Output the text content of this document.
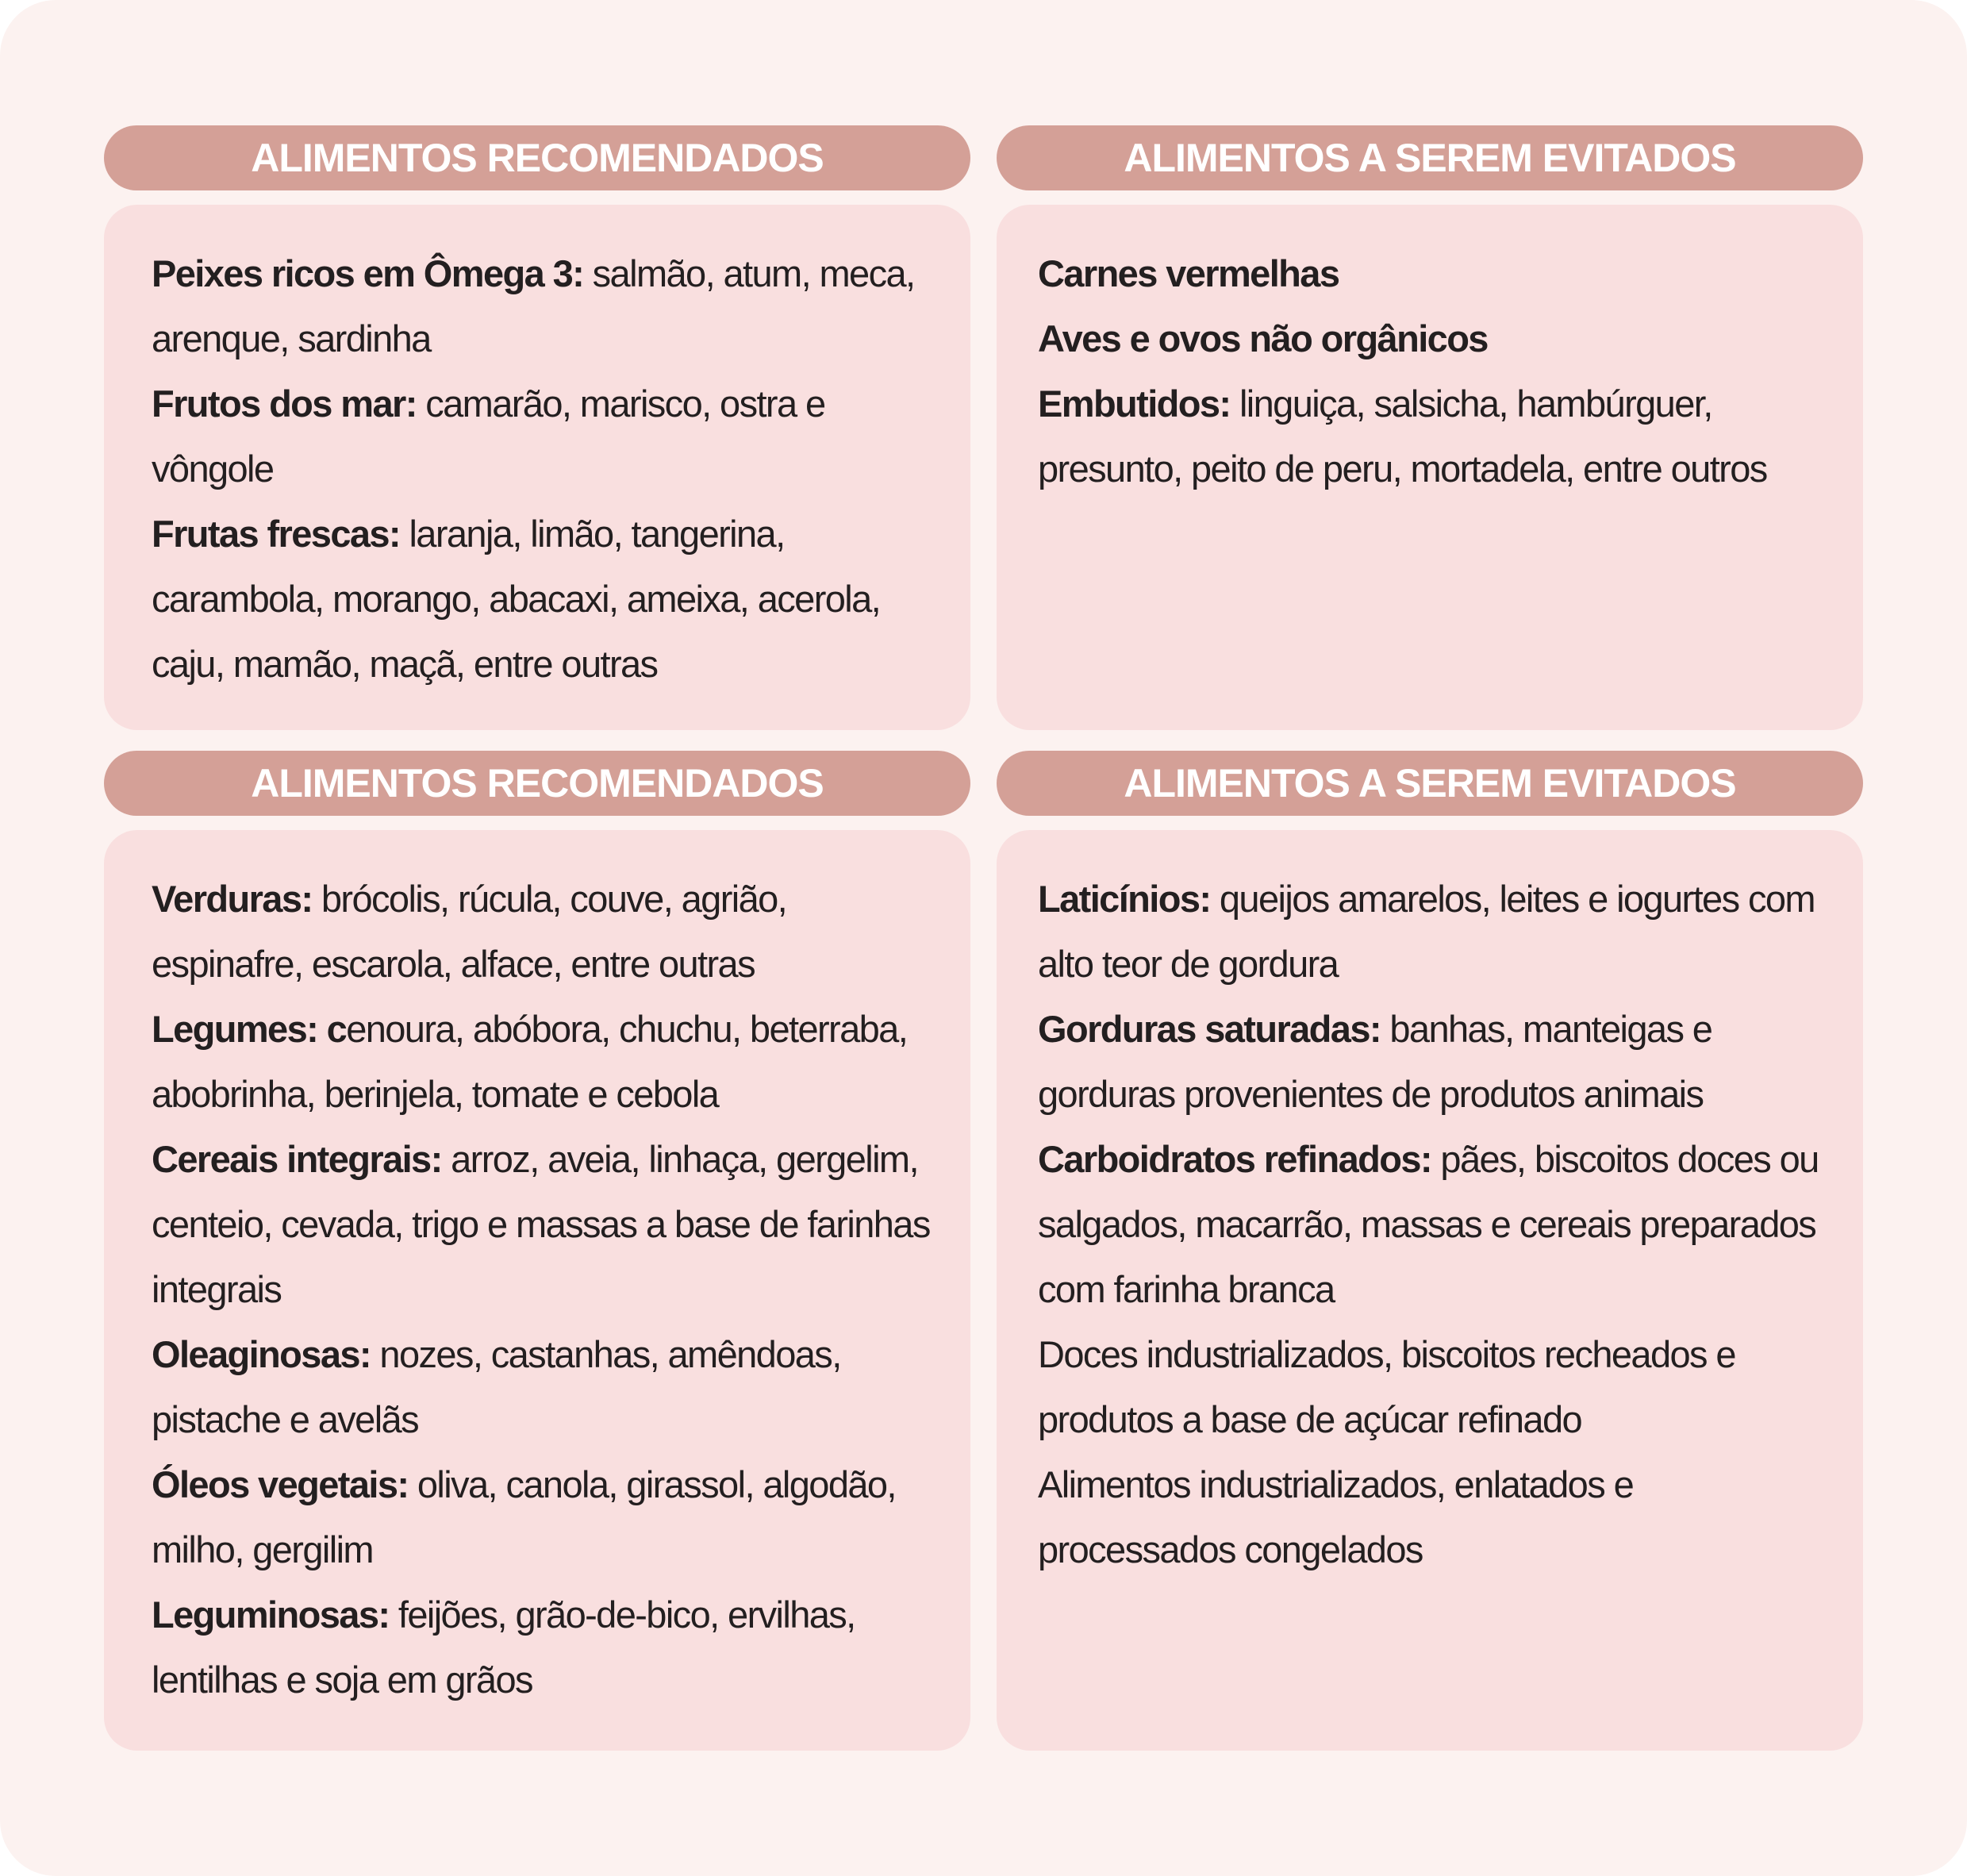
ALIMENTOS RECOMENDADOS
Peixes ricos em Ômega 3: salmão, atum, meca, arenque, sardinha
Frutos dos mar: camarão, marisco, ostra e vôngole
Frutas frescas: laranja, limão, tangerina, carambola, morango, abacaxi, ameixa, acerola, caju, mamão, maçã, entre outras
ALIMENTOS A SEREM EVITADOS
Carnes vermelhas
Aves e ovos não orgânicos
Embutidos: linguiça, salsicha, hambúrguer, presunto, peito de peru, mortadela, entre outros
ALIMENTOS RECOMENDADOS
Verduras: brócolis, rúcula, couve, agrião, espinafre, escarola, alface, entre outras
Legumes: cenoura, abóbora, chuchu, beterraba, abobrinha, berinjela, tomate e cebola
Cereais integrais: arroz, aveia, linhaça, gergelim, centeio, cevada, trigo e massas a base de farinhas integrais
Oleaginosas: nozes, castanhas, amêndoas, pistache e avelãs
Óleos vegetais: oliva, canola, girassol, algodão, milho, gergilim
Leguminosas: feijões, grão-de-bico, ervilhas, lentilhas e soja em grãos
ALIMENTOS A SEREM EVITADOS
Laticínios: queijos amarelos, leites e iogurtes com alto teor de gordura
Gorduras saturadas: banhas, manteigas e gorduras provenientes de produtos animais
Carboidratos refinados: pães, biscoitos doces ou salgados, macarrão, massas e cereais preparados com farinha branca
Doces industrializados, biscoitos recheados e produtos a base de açúcar refinado
Alimentos industrializados, enlatados e processados congelados
